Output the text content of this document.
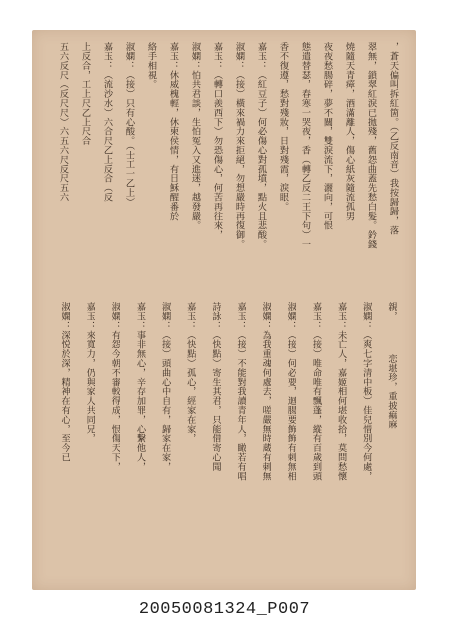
，蒼天偏叫拆紅箇。（乙反南音）我按歸歸，落
翠無，鎖翠紅淚已拋殘，舊怨曲蓋先愁白髮。鈐錢
燒隨天青瘴，酒滿離人，傷心紙灰隨流孤男
夜夜愁腸碎，夢不關，雙淚流下，灑向，可恨
態遣替瑟，春寒一哭夜，香（轉乙反二王下句）一
香不復遵，愁對殘妝，日對殘霞，淚眼。
嘉玉：（紅豆子）何必傷心對孤墳，點火且悲酸。
淑嫻：（接）橫來禍力來拒絕，勿想嚴時再復御。
嘉玉：（轉口羨西下）勿恐傷心，何苦再往來，
淑嫻：怕共君談，生怕冤入又進迷，越發嚴。
嘉玉：休威槐輕，休柬侯情，有日穌醒番於
絡手相視。
淑嫻：（接）只有心酸。（士工一乙上）
嘉玉：（流沙水）六合尺乙上反合（反
上反合，工上尺乙上尺合
五六反尺（反尺尺）六五六尺反尺五六
親，　　　　恋堪珍，重披痲麻
淑嫻：（爽七字清中板）佳兒惜別今何處，
嘉玉：未亡人，嘉姬相何堪收拾，莫問愁懷
嘉玉：（接）唯命唯有飄蓬，縱有百歲到頭
淑嫻：（接）何必要，迴腸要飾飾有刺無相
淑嫻：為我重魂何處去，嗟嚴無時蔵有刺無
嘉玉：（接）不能對我讀青年人，瞰若有唱
詩詠：（快點）寄生其君，只能借寄心聞
嘉玉：（快點）孤心，經家在家，
淑嫻：（接）頭曲心中自有，歸家在家，
嘉玉：事非無心，辛存加罪，心繫他人，
淑嫻：有怨今朝不審較得成，恨傷天下，
嘉玉：來寬力，仍與家人共同兄，
淑嫻：深悦於深，精神在有心，至今已
20050081324_P007
